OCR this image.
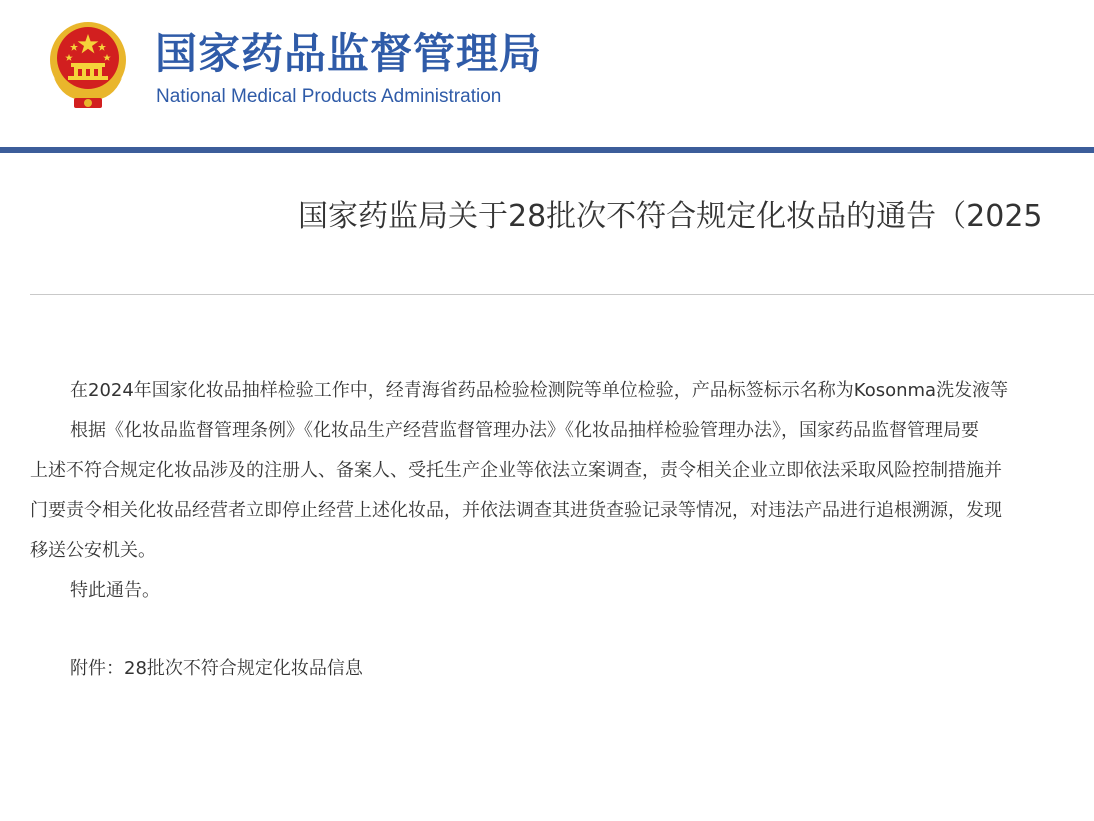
国家药品监督管理局
National Medical Products Administration
国家药监局关于28批次不符合规定化妆品的通告（2025
在2024年国家化妆品抽样检验工作中，经青海省药品检验检测院等单位检验，产品标签标示名称为Kosonma洗发液等
根据《化妆品监督管理条例》《化妆品生产经营监督管理办法》《化妆品抽样检验管理办法》，国家药品监督管理局要
上述不符合规定化妆品涉及的注册人、备案人、受托生产企业等依法立案调查，责令相关企业立即依法采取风险控制措施并
门要责令相关化妆品经营者立即停止经营上述化妆品，并依法调查其进货查验记录等情况，对违法产品进行追根溯源，发现
移送公安机关。
特此通告。
附件：28批次不符合规定化妆品信息
